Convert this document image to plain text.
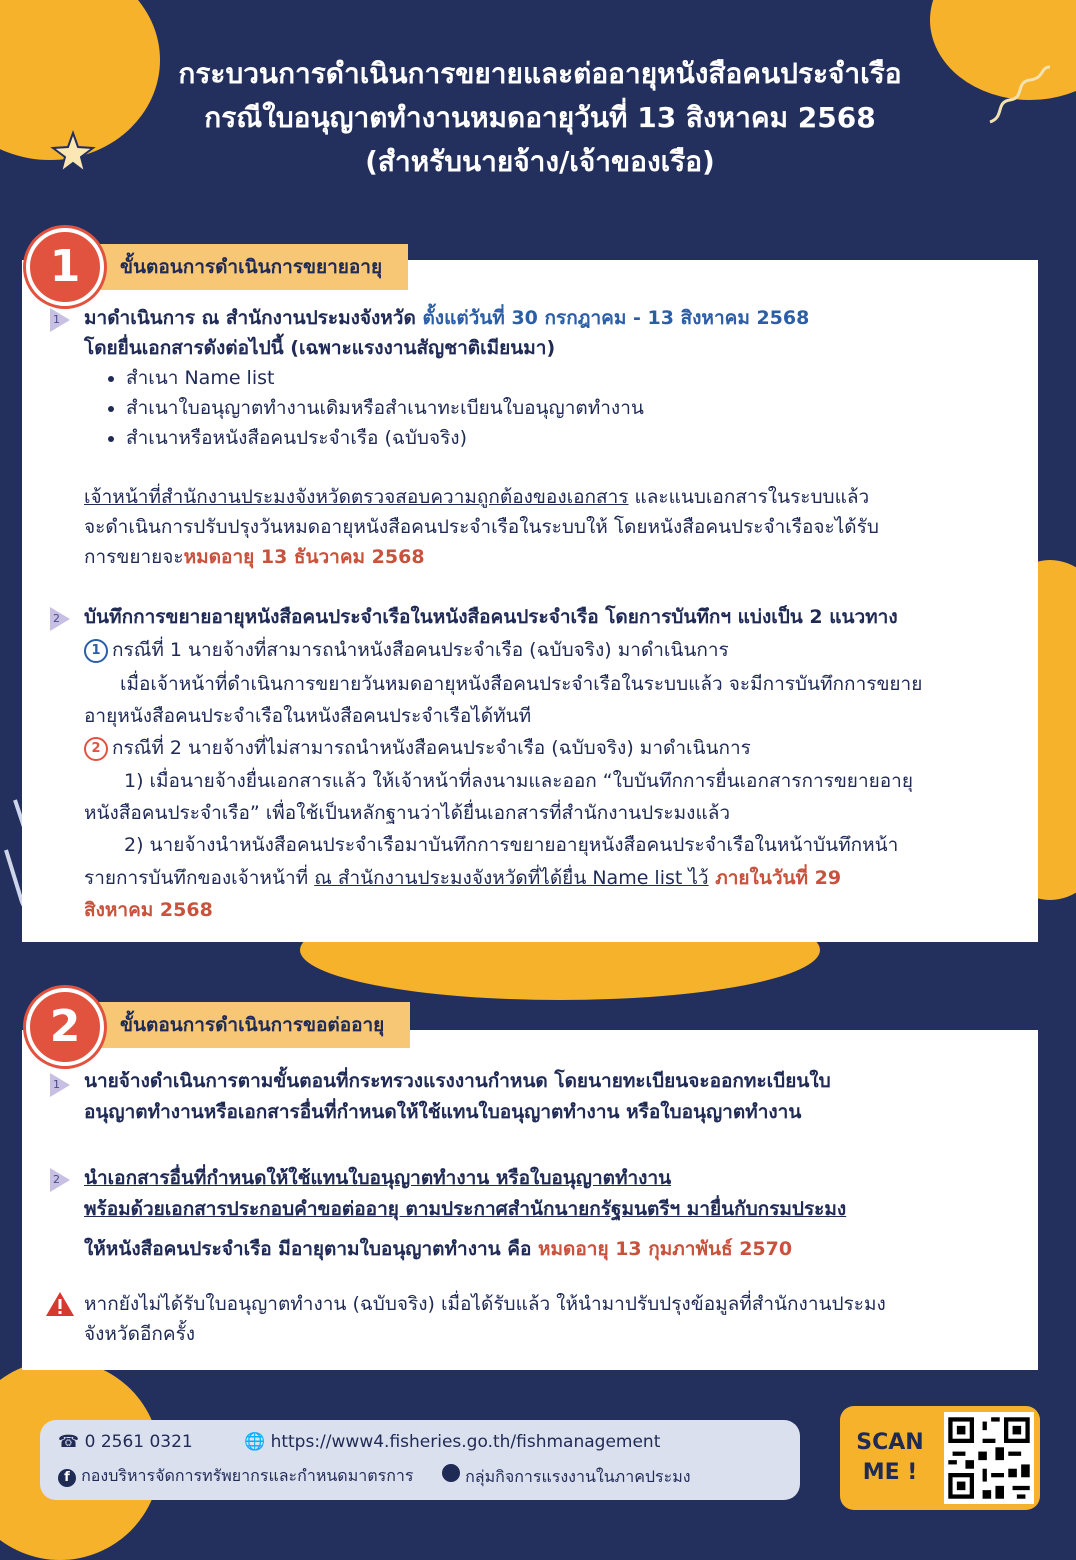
กระบวนการดำเนินการขยายและต่ออายุหนังสือคนประจำเรือ
กรณีใบอนุญาตทำงานหมดอายุวันที่ 13 สิงหาคม 2568
(สำหรับนายจ้าง/เจ้าของเรือ)
1	ขั้นตอนการดำเนินการขยายอายุ
1 มาดำเนินการ ณ สำนักงานประมงจังหวัด ตั้งแต่วันที่ 30 กรกฎาคม - 13 สิงหาคม 2568
โดยยื่นเอกสารดังต่อไปนี้ (เฉพาะแรงงานสัญชาติเมียนมา)
• สำเนา Name list
• สำเนาใบอนุญาตทำงานเดิมหรือสำเนาทะเบียนใบอนุญาตทำงาน
• สำเนาหรือหนังสือคนประจำเรือ (ฉบับจริง)
เจ้าหน้าที่สำนักงานประมงจังหวัดตรวจสอบความถูกต้องของเอกสาร และแนบเอกสารในระบบแล้ว
จะดำเนินการปรับปรุงวันหมดอายุหนังสือคนประจำเรือในระบบให้ โดยหนังสือคนประจำเรือจะได้รับ
การขยายจะหมดอายุ 13 ธันวาคม 2568
2 บันทึกการขยายอายุหนังสือคนประจำเรือในหนังสือคนประจำเรือ โดยการบันทึกฯ แบ่งเป็น 2 แนวทาง
1 กรณีที่ 1 นายจ้างที่สามารถนำหนังสือคนประจำเรือ (ฉบับจริง) มาดำเนินการ
เมื่อเจ้าหน้าที่ดำเนินการขยายวันหมดอายุหนังสือคนประจำเรือในระบบแล้ว จะมีการบันทึกการขยาย
อายุหนังสือคนประจำเรือในหนังสือคนประจำเรือได้ทันที
2 กรณีที่ 2 นายจ้างที่ไม่สามารถนำหนังสือคนประจำเรือ (ฉบับจริง) มาดำเนินการ
1) เมื่อนายจ้างยื่นเอกสารแล้ว ให้เจ้าหน้าที่ลงนามและออก “ใบบันทึกการยื่นเอกสารการขยายอายุ
หนังสือคนประจำเรือ” เพื่อใช้เป็นหลักฐานว่าได้ยื่นเอกสารที่สำนักงานประมงแล้ว
2) นายจ้างนำหนังสือคนประจำเรือมาบันทึกการขยายอายุหนังสือคนประจำเรือในหน้าบันทึกหน้า
รายการบันทึกของเจ้าหน้าที่ ณ สำนักงานประมงจังหวัดที่ได้ยื่น Name list ไว้ ภายในวันที่ 29
สิงหาคม 2568
2	ขั้นตอนการดำเนินการขอต่ออายุ
1 นายจ้างดำเนินการตามขั้นตอนที่กระทรวงแรงงานกำหนด โดยนายทะเบียนจะออกทะเบียนใบ
อนุญาตทำงานหรือเอกสารอื่นที่กำหนดให้ใช้แทนใบอนุญาตทำงาน หรือใบอนุญาตทำงาน
2 นำเอกสารอื่นที่กำหนดให้ใช้แทนใบอนุญาตทำงาน หรือใบอนุญาตทำงาน
พร้อมด้วยเอกสารประกอบคำขอต่ออายุ ตามประกาศสำนักนายกรัฐมนตรีฯ มายื่นกับกรมประมง
ให้หนังสือคนประจำเรือ มีอายุตามใบอนุญาตทำงาน คือ หมดอายุ 13 กุมภาพันธ์ 2570
หากยังไม่ได้รับใบอนุญาตทำงาน (ฉบับจริง) เมื่อได้รับแล้ว ให้นำมาปรับปรุงข้อมูลที่สำนักงานประมง
จังหวัดอีกครั้ง
☎ 0 2561 0321	🌐 https://www4.fisheries.go.th/fishmanagement
f กองบริหารจัดการทรัพยากรและกำหนดมาตรการ	กลุ่มกิจการแรงงานในภาคประมง
SCAN
ME !
